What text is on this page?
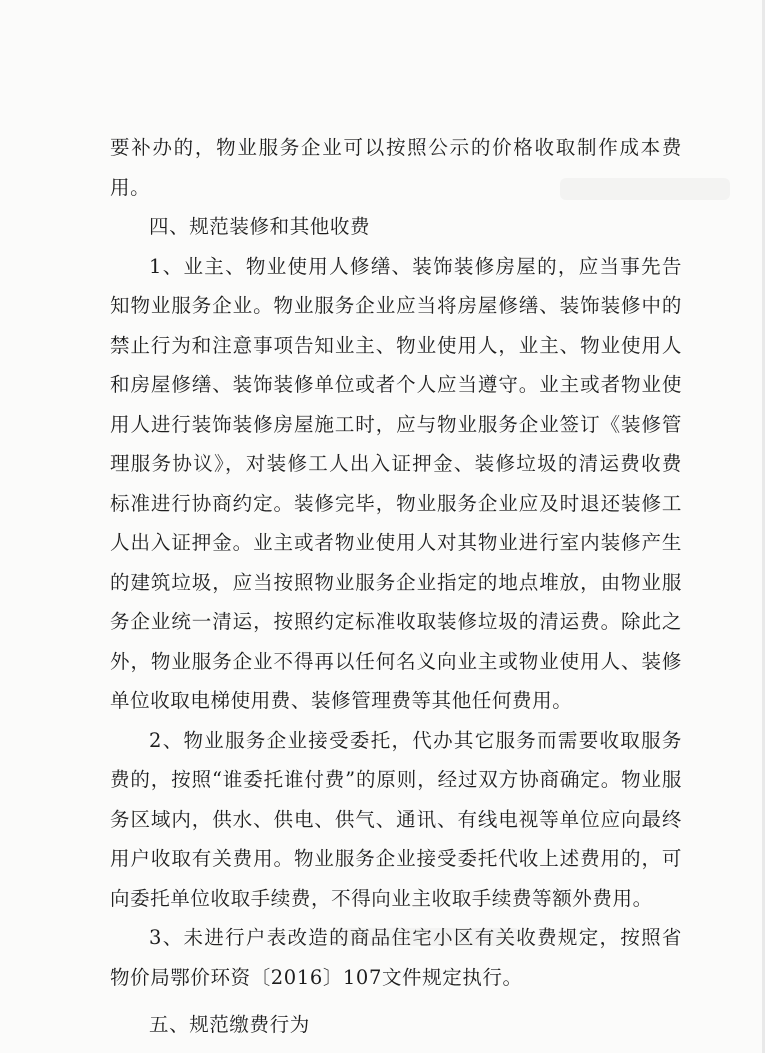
要补办的，物业服务企业可以按照公示的价格收取制作成本费用。

四、规范装修和其他收费

1、业主、物业使用人修缮、装饰装修房屋的，应当事先告知物业服务企业。物业服务企业应当将房屋修缮、装饰装修中的禁止行为和注意事项告知业主、物业使用人，业主、物业使用人和房屋修缮、装饰装修单位或者个人应当遵守。业主或者物业使用人进行装饰装修房屋施工时，应与物业服务企业签订《装修管理服务协议》，对装修工人出入证押金、装修垃圾的清运费收费标准进行协商约定。装修完毕，物业服务企业应及时退还装修工人出入证押金。业主或者物业使用人对其物业进行室内装修产生的建筑垃圾，应当按照物业服务企业指定的地点堆放，由物业服务企业统一清运，按照约定标准收取装修垃圾的清运费。除此之外，物业服务企业不得再以任何名义向业主或物业使用人、装修单位收取电梯使用费、装修管理费等其他任何费用。

2、物业服务企业接受委托，代办其它服务而需要收取服务费的，按照“谁委托谁付费”的原则，经过双方协商确定。物业服务区域内，供水、供电、供气、通讯、有线电视等单位应向最终用户收取有关费用。物业服务企业接受委托代收上述费用的，可向委托单位收取手续费，不得向业主收取手续费等额外费用。

3、未进行户表改造的商品住宅小区有关收费规定，按照省物价局鄂价环资〔2016〕107文件规定执行。

五、规范缴费行为
